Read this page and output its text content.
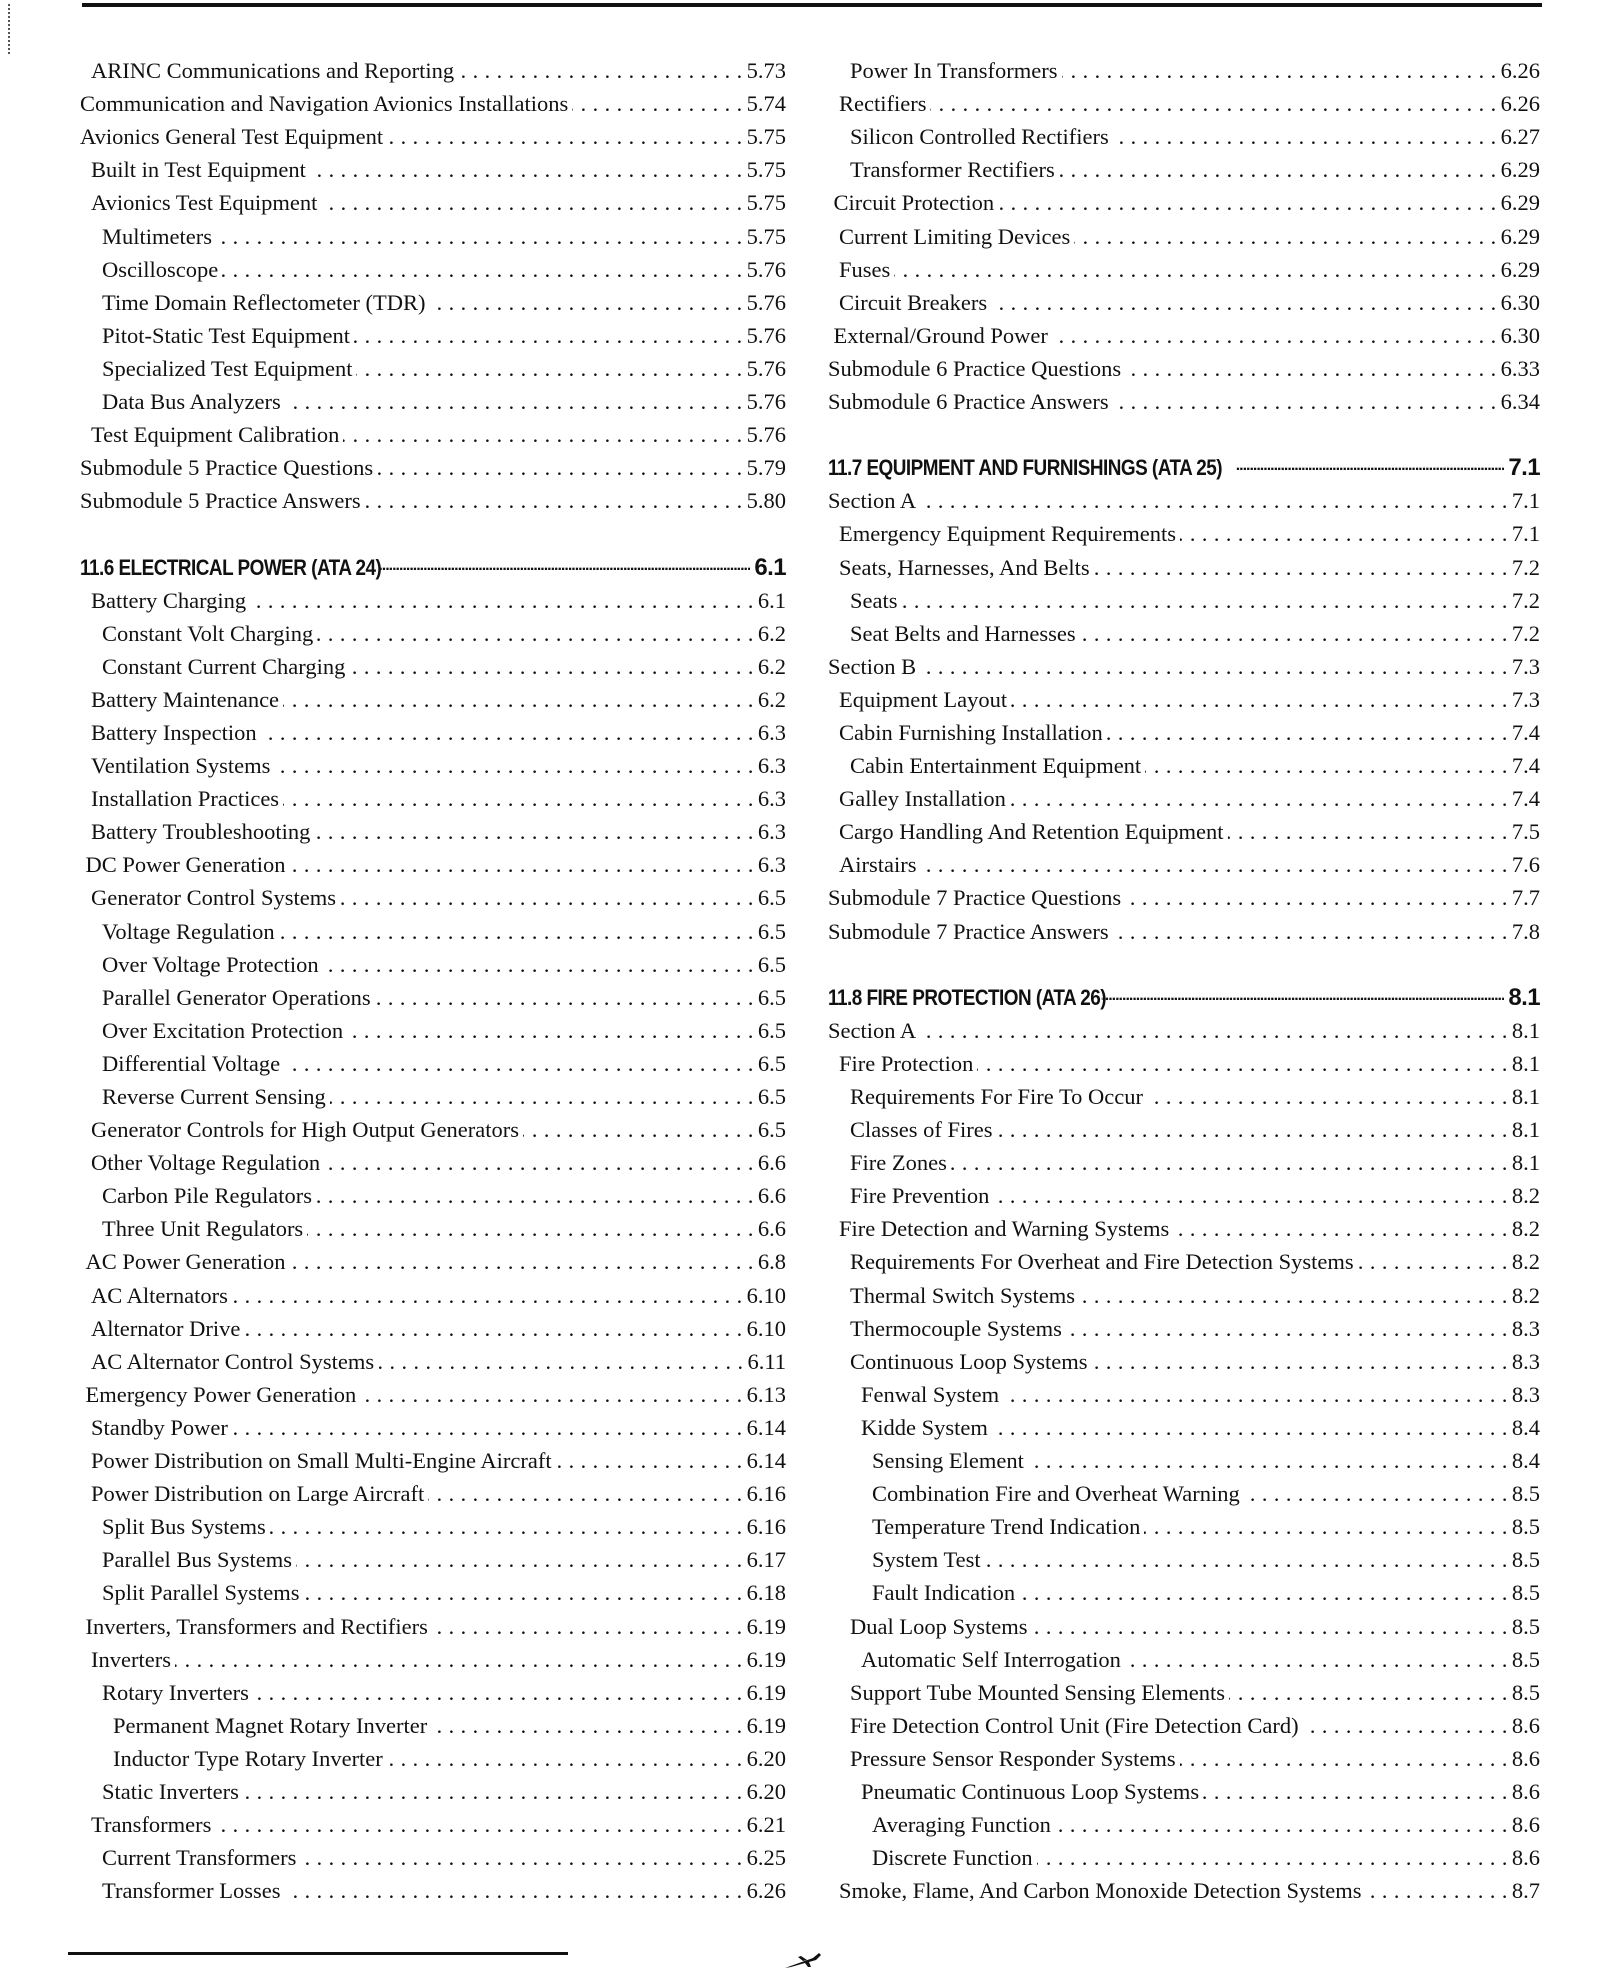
ARINC Communications and Reporting . . .	5.73
Communication and Navigation Avionics Installations . . .	5.74
Avionics General Test Equipment . . .	5.75
Built in Test Equipment . . .	5.75
Avionics Test Equipment . . .	5.75
Multimeters . . .	5.75
Oscilloscope . . .	5.76
Time Domain Reflectometer (TDR) . . .	5.76
Pitot-Static Test Equipment . . .	5.76
Specialized Test Equipment . . .	5.76
Data Bus Analyzers . . .	5.76
Test Equipment Calibration . . .	5.76
Submodule 5 Practice Questions . . .	5.79
Submodule 5 Practice Answers . . .	5.80
11.6 ELECTRICAL POWER (ATA 24) .....	6.1
Battery Charging . . .	6.1
Constant Volt Charging . . .	6.2
Constant Current Charging . . .	6.2
Battery Maintenance . . .	6.2
Battery Inspection . . .	6.3
Ventilation Systems . . .	6.3
Installation Practices . . .	6.3
Battery Troubleshooting . . .	6.3
DC Power Generation . . .	6.3
Generator Control Systems . . .	6.5
Voltage Regulation . . .	6.5
Over Voltage Protection . . .	6.5
Parallel Generator Operations . . .	6.5
Over Excitation Protection . . .	6.5
Differential Voltage . . .	6.5
Reverse Current Sensing . . .	6.5
Generator Controls for High Output Generators . . .	6.5
Other Voltage Regulation . . .	6.6
Carbon Pile Regulators . . .	6.6
Three Unit Regulators . . .	6.6
AC Power Generation . . .	6.8
AC Alternators . . .	6.10
Alternator Drive . . .	6.10
AC Alternator Control Systems . . .	6.11
Emergency Power Generation . . .	6.13
Standby Power . . .	6.14
Power Distribution on Small Multi-Engine Aircraft . . .	6.14
Power Distribution on Large Aircraft . . .	6.16
Split Bus Systems . . .	6.16
Parallel Bus Systems . . .	6.17
Split Parallel Systems . . .	6.18
Inverters, Transformers and Rectifiers . . .	6.19
Inverters . . .	6.19
Rotary Inverters . . .	6.19
Permanent Magnet Rotary Inverter . . .	6.19
Inductor Type Rotary Inverter . . .	6.20
Static Inverters . . .	6.20
Transformers . . .	6.21
Current Transformers . . .	6.25
Transformer Losses . . .	6.26
Power In Transformers . . .	6.26
Rectifiers . . .	6.26
Silicon Controlled Rectifiers . . .	6.27
Transformer Rectifiers . . .	6.29
Circuit Protection . . .	6.29
Current Limiting Devices . . .	6.29
Fuses . . .	6.29
Circuit Breakers . . .	6.30
External/Ground Power . . .	6.30
Submodule 6 Practice Questions . . .	6.33
Submodule 6 Practice Answers . . .	6.34
11.7 EQUIPMENT AND FURNISHINGS (ATA 25) .....	7.1
Section A . . .	7.1
Emergency Equipment Requirements . . .	7.1
Seats, Harnesses, And Belts . . .	7.2
Seats . . .	7.2
Seat Belts and Harnesses . . .	7.2
Section B . . .	7.3
Equipment Layout . . .	7.3
Cabin Furnishing Installation . . .	7.4
Cabin Entertainment Equipment . . .	7.4
Galley Installation . . .	7.4
Cargo Handling And Retention Equipment . . .	7.5
Airstairs . . .	7.6
Submodule 7 Practice Questions . . .	7.7
Submodule 7 Practice Answers . . .	7.8
11.8 FIRE PROTECTION (ATA 26) .....	8.1
Section A . . .	8.1
Fire Protection . . .	8.1
Requirements For Fire To Occur . . .	8.1
Classes of Fires . . .	8.1
Fire Zones . . .	8.1
Fire Prevention . . .	8.2
Fire Detection and Warning Systems . . .	8.2
Requirements For Overheat and Fire Detection Systems . . .	8.2
Thermal Switch Systems . . .	8.2
Thermocouple Systems . . .	8.3
Continuous Loop Systems . . .	8.3
Fenwal System . . .	8.3
Kidde System . . .	8.4
Sensing Element . . .	8.4
Combination Fire and Overheat Warning . . .	8.5
Temperature Trend Indication . . .	8.5
System Test . . .	8.5
Fault Indication . . .	8.5
Dual Loop Systems . . .	8.5
Automatic Self Interrogation . . .	8.5
Support Tube Mounted Sensing Elements . . .	8.5
Fire Detection Control Unit (Fire Detection Card) . . .	8.6
Pressure Sensor Responder Systems . . .	8.6
Pneumatic Continuous Loop Systems . . .	8.6
Averaging Function . . .	8.6
Discrete Function . . .	8.6
Smoke, Flame, And Carbon Monoxide Detection Systems . . .	8.7
